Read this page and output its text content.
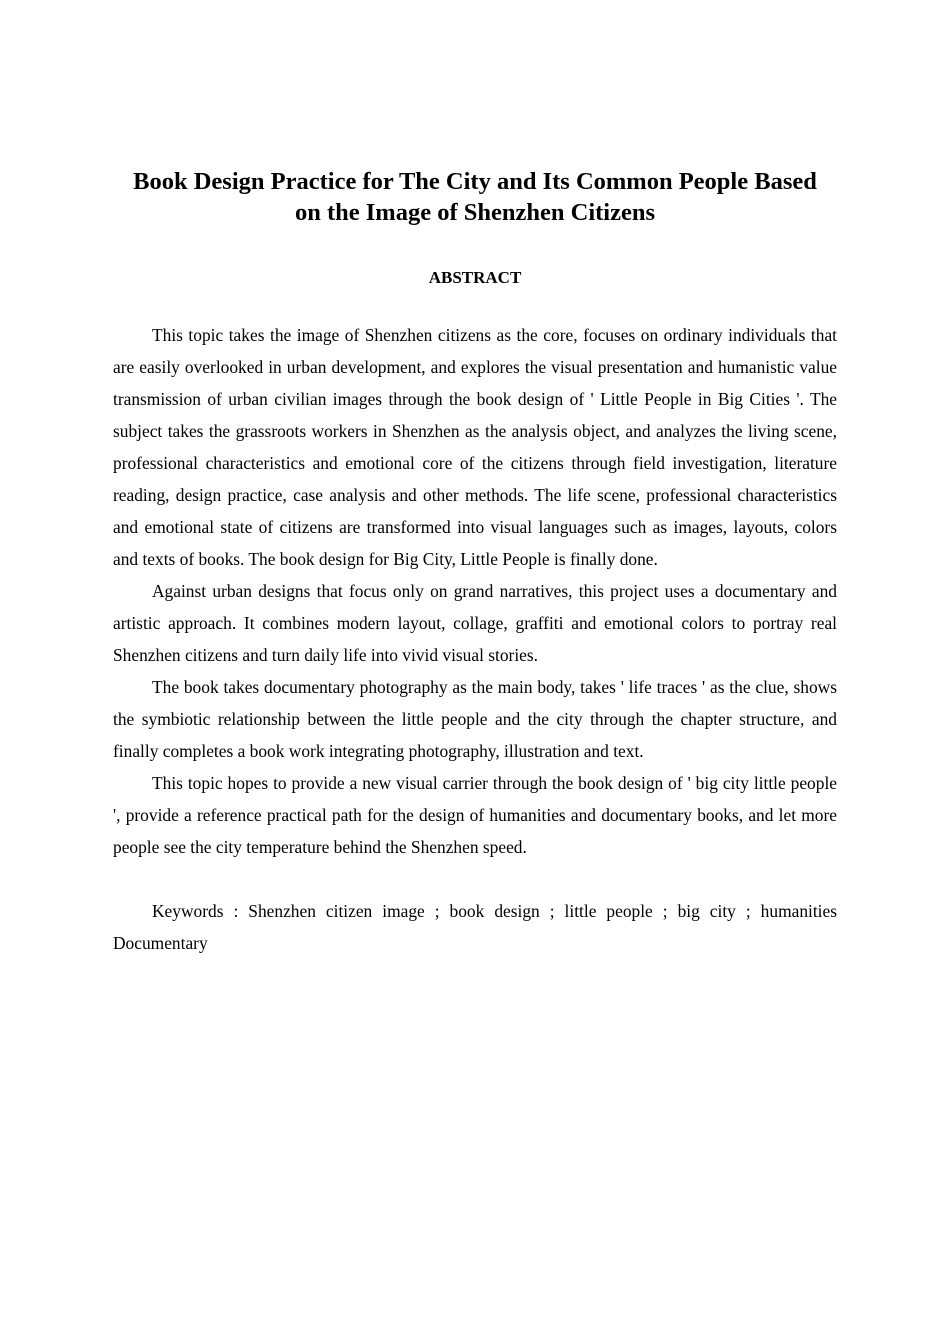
Book Design Practice for The City and Its Common People Based
on the Image of Shenzhen Citizens
ABSTRACT

This topic takes the image of Shenzhen citizens as the core, focuses on ordinary individuals that are easily overlooked in urban development, and explores the visual presentation and humanistic value transmission of urban civilian images through the book design of ' Little People in Big Cities '. The subject takes the grassroots workers in Shenzhen as the analysis object, and analyzes the living scene, professional characteristics and emotional core of the citizens through field investigation, literature reading, design practice, case analysis and other methods. The life scene, professional characteristics and emotional state of citizens are transformed into visual languages such as images, layouts, colors and texts of books. The book design for Big City, Little People is finally done.

Against urban designs that focus only on grand narratives, this project uses a documentary and artistic approach. It combines modern layout, collage, graffiti and emotional colors to portray real Shenzhen citizens and turn daily life into vivid visual stories.

The book takes documentary photography as the main body, takes ' life traces ' as the clue, shows the symbiotic relationship between the little people and the city through the chapter structure, and finally completes a book work integrating photography, illustration and text.

This topic hopes to provide a new visual carrier through the book design of ' big city little people ', provide a reference practical path for the design of humanities and documentary books, and let more people see the city temperature behind the Shenzhen speed.

Keywords : Shenzhen citizen image ; book design ; little people ; big city ; humanities Documentary
